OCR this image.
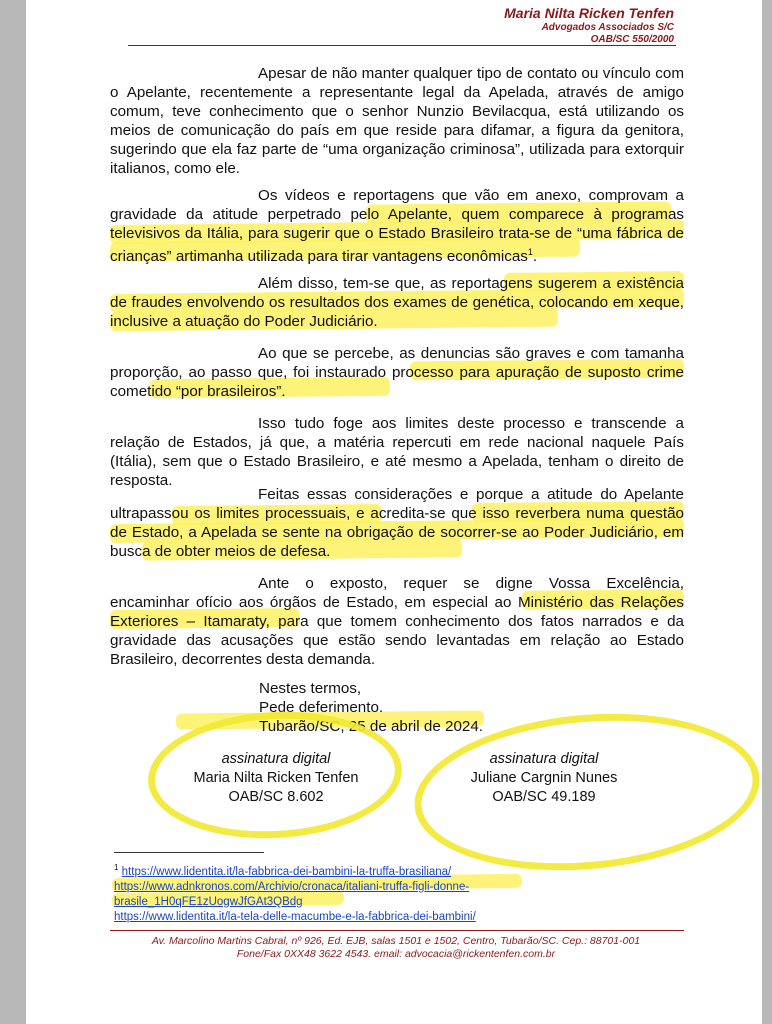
Maria Nilta Ricken Tenfen
Advogados Associados S/C
OAB/SC 550/2000

Apesar de não manter qualquer tipo de contato ou vínculo com o Apelante, recentemente a representante legal da Apelada, através de amigo comum, teve conhecimento que o senhor Nunzio Bevilacqua, está utilizando os meios de comunicação do país em que reside para difamar, a figura da genitora, sugerindo que ela faz parte de “uma organização criminosa”, utilizada para extorquir italianos, como ele.

Os vídeos e reportagens que vão em anexo, comprovam a gravidade da atitude perpetrado pelo Apelante, quem comparece à programas televisivos da Itália, para sugerir que o Estado Brasileiro trata-se de “uma fábrica de crianças” artimanha utilizada para tirar vantagens econômicas$^1$.

Além disso, tem-se que, as reportagens sugerem a existência de fraudes envolvendo os resultados dos exames de genética, colocando em xeque, inclusive a atuação do Poder Judiciário.

Ao que se percebe, as denuncias são graves e com tamanha proporção, ao passo que, foi instaurado processo para apuração de suposto crime cometido “por brasileiros”.

Isso tudo foge aos limites deste processo e transcende a relação de Estados, já que, a matéria repercuti em rede nacional naquele País (Itália), sem que o Estado Brasileiro, e até mesmo a Apelada, tenham o direito de resposta.

Feitas essas considerações e porque a atitude do Apelante ultrapassou os limites processuais, e acredita-se que isso reverbera numa questão de Estado, a Apelada se sente na obrigação de socorrer-se ao Poder Judiciário, em busca de obter meios de defesa.

Ante o exposto, requer se digne Vossa Excelência, encaminhar ofício aos órgãos de Estado, em especial ao Ministério das Relações Exteriores – Itamaraty, para que tomem conhecimento dos fatos narrados e da gravidade das acusações que estão sendo levantadas em relação ao Estado Brasileiro, decorrentes desta demanda.

Nestes termos,
Pede deferimento.
Tubarão/SC, 25 de abril de 2024.
assinatura digital
Maria Nilta Ricken Tenfen
OAB/SC 8.602
assinatura digital
Juliane Cargnin Nunes
OAB/SC 49.189
$^1$ https://www.lidentita.it/la-fabbrica-dei-bambini-la-truffa-brasiliana/
https://www.adnkronos.com/Archivio/cronaca/italiani-truffa-figli-donne-
brasile_1H0qFE1zUogwJfGAt3QBdg
https://www.lidentita.it/la-tela-delle-macumbe-e-la-fabbrica-dei-bambini/
Av. Marcolino Martins Cabral, nº 926, Ed. EJB, salas 1501 e 1502, Centro, Tubarão/SC. Cep.: 88701-001
Fone/Fax 0XX48 3622 4543. email: advocacia@rickentenfen.com.br
